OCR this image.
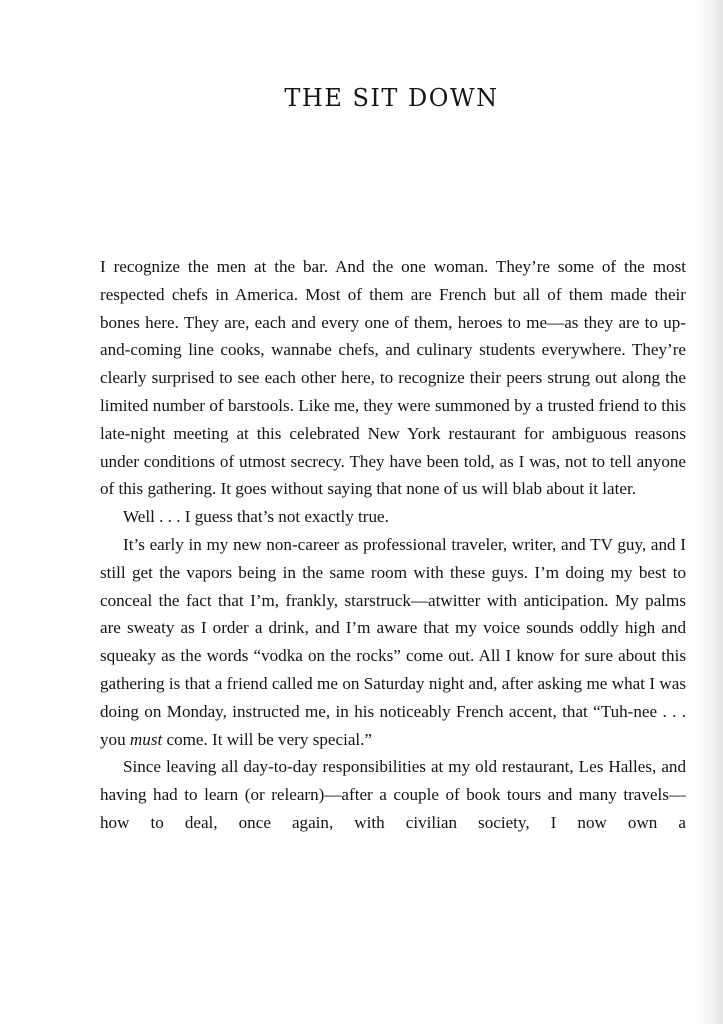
THE SIT DOWN

I recognize the men at the bar. And the one woman. They’re some of the most respected chefs in America. Most of them are French but all of them made their bones here. They are, each and every one of them, heroes to me—as they are to up-and-coming line cooks, wannabe chefs, and culinary students everywhere. They’re clearly surprised to see each other here, to recognize their peers strung out along the limited number of barstools. Like me, they were summoned by a trusted friend to this late-night meeting at this celebrated New York restaurant for ambiguous reasons under conditions of utmost secrecy. They have been told, as I was, not to tell anyone of this gathering. It goes without saying that none of us will blab about it later.

Well . . . I guess that’s not exactly true.

It’s early in my new non-career as professional traveler, writer, and TV guy, and I still get the vapors being in the same room with these guys. I’m doing my best to conceal the fact that I’m, frankly, starstruck—atwitter with anticipation. My palms are sweaty as I order a drink, and I’m aware that my voice sounds oddly high and squeaky as the words “vodka on the rocks” come out. All I know for sure about this gathering is that a friend called me on Saturday night and, after asking me what I was doing on Monday, instructed me, in his noticeably French accent, that “Tuh-nee . . . you must come. It will be very special.”

Since leaving all day-to-day responsibilities at my old restaurant, Les Halles, and having had to learn (or relearn)—after a couple of book tours and many travels—how to deal, once again, with civilian society, I now own a
